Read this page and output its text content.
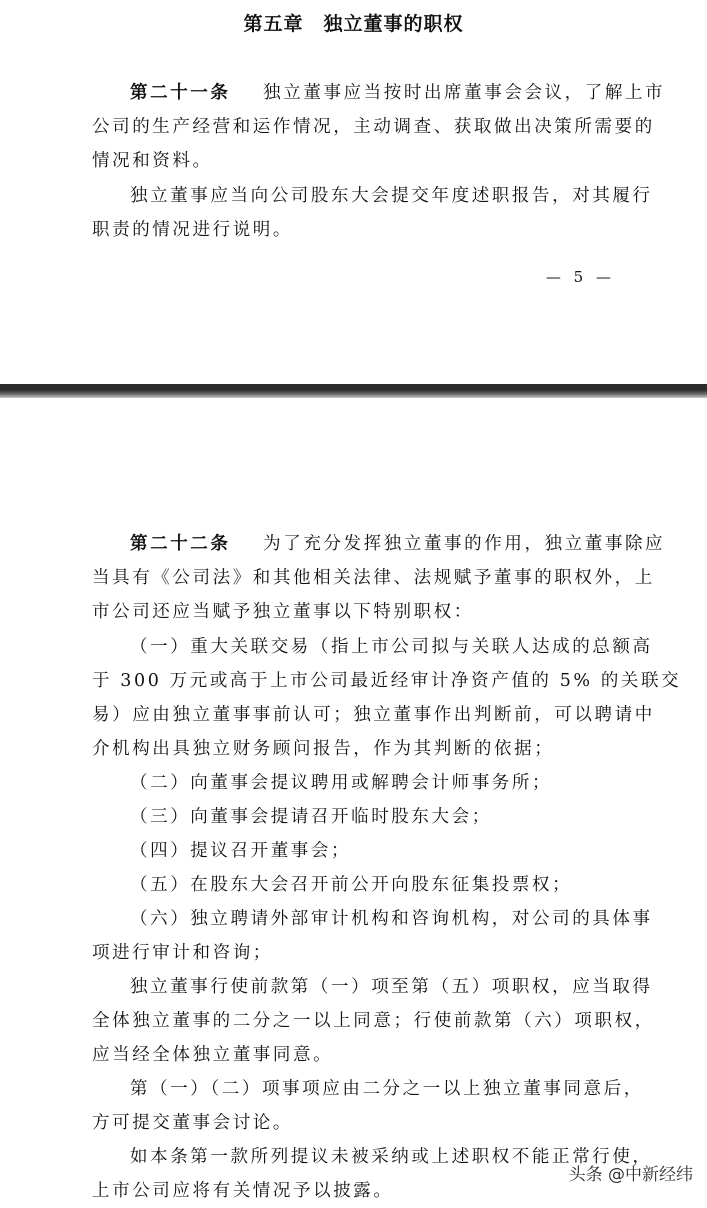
第五章　独立董事的职权

第二十一条 独立董事应当按时出席董事会会议，了解上市
公司的生产经营和运作情况，主动调查、获取做出决策所需要的
情况和资料。

独立董事应当向公司股东大会提交年度述职报告，对其履行
职责的情况进行说明。

— 5 —

第二十二条 为了充分发挥独立董事的作用，独立董事除应
当具有《公司法》和其他相关法律、法规赋予董事的职权外，上
市公司还应当赋予独立董事以下特别职权：

（一）重大关联交易（指上市公司拟与关联人达成的总额高
于 300 万元或高于上市公司最近经审计净资产值的 5% 的关联交
易）应由独立董事事前认可；独立董事作出判断前，可以聘请中
介机构出具独立财务顾问报告，作为其判断的依据；

（二）向董事会提议聘用或解聘会计师事务所；

（三）向董事会提请召开临时股东大会；

（四）提议召开董事会；

（五）在股东大会召开前公开向股东征集投票权；

（六）独立聘请外部审计机构和咨询机构，对公司的具体事
项进行审计和咨询；

独立董事行使前款第（一）项至第（五）项职权，应当取得
全体独立董事的二分之一以上同意；行使前款第（六）项职权，
应当经全体独立董事同意。

第（一）（二）项事项应由二分之一以上独立董事同意后，
方可提交董事会讨论。

如本条第一款所列提议未被采纳或上述职权不能正常行使，
上市公司应将有关情况予以披露。

头条 @中新经纬
